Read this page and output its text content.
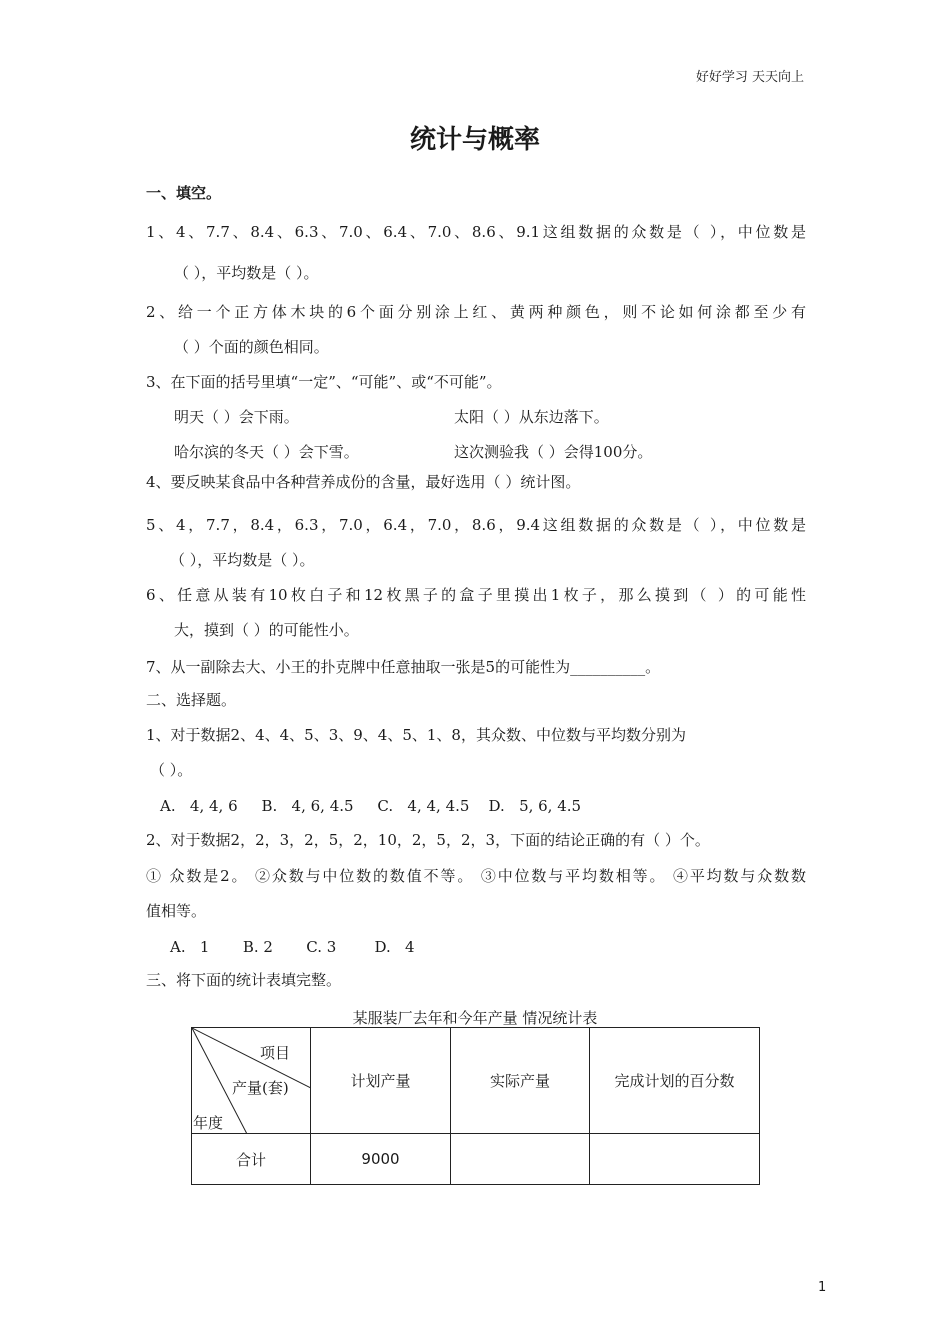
好好学习 天天向上
统计与概率
一、填空。
1、4、7.7、8.4、6.3、7.0、6.4、7.0、8.6、9.1这组数据的众数是（ ），中位数是
（ ），平均数是（ ）。
2、给一个正方体木块的6个面分别涂上红、黄两种颜色，则不论如何涂都至少有
（ ）个面的颜色相同。
3、在下面的括号里填“一定”、“可能”、或“不可能”。
明天（ ）会下雨。	太阳（ ）从东边落下。
哈尔滨的冬天（ ）会下雪。	这次测验我（ ）会得100分。
4、要反映某食品中各种营养成份的含量，最好选用（ ）统计图。
5、4，7.7，8.4，6.3，7.0，6.4，7.0，8.6，9.4这组数据的众数是（ ），中位数是
（ ），平均数是（ ）。
6、任意从装有10枚白子和12枚黑子的盒子里摸出1枚子，那么摸到（ ）的可能性
大，摸到（ ）的可能性小。
7、从一副除去大、小王的扑克牌中任意抽取一张是5的可能性为__________。
二、选择题。
1、对于数据2、4、4、5、3、9、4、5、1、8，其众数、中位数与平均数分别为
（ ）。
A.   4, 4, 6     B.   4, 6, 4.5     C.   4, 4, 4.5    D.   5, 6, 4.5
2、对于数据2，2，3，2，5，2，10，2，5，2，3，下面的结论正确的有（ ）个。
① 众数是2。 ②众数与中位数的数值不等。 ③中位数与平均数相等。 ④平均数与众数数
值相等。
A.   1       B. 2       C. 3        D.   4
三、将下面的统计表填完整。
某服装厂去年和今年产量 情况统计表
项目
产量(套)
年度	计划产量	实际产量	完成计划的百分数
合计	9000		
1
